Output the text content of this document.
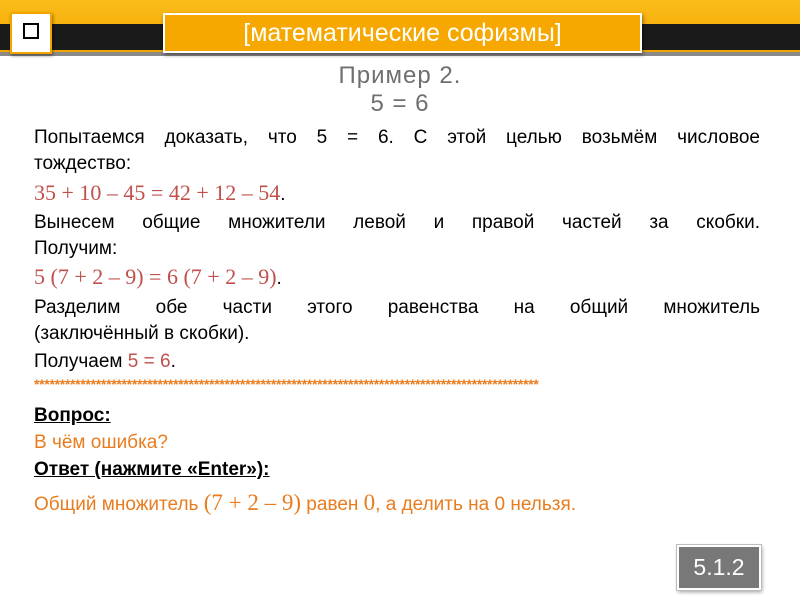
[математические софизмы]
Пример 2.
5 = 6
Попытаемся доказать, что 5 = 6. С этой целью возьмём числовое
тождество:
35 + 10 – 45 = 42 + 12 – 54.
Вынесем общие множители левой и правой частей за скобки.
Получим:
5 (7 + 2 – 9) = 6 (7 + 2 – 9).
Разделим обе части этого равенства на общий множитель
(заключённый в скобки).
Получаем 5 = 6.
**************************************************************************************************
Вопрос:
В чём ошибка?
Ответ (нажмите «Enter»):
Общий множитель (7 + 2 – 9) равен 0, а делить на 0 нельзя.
5.1.2
